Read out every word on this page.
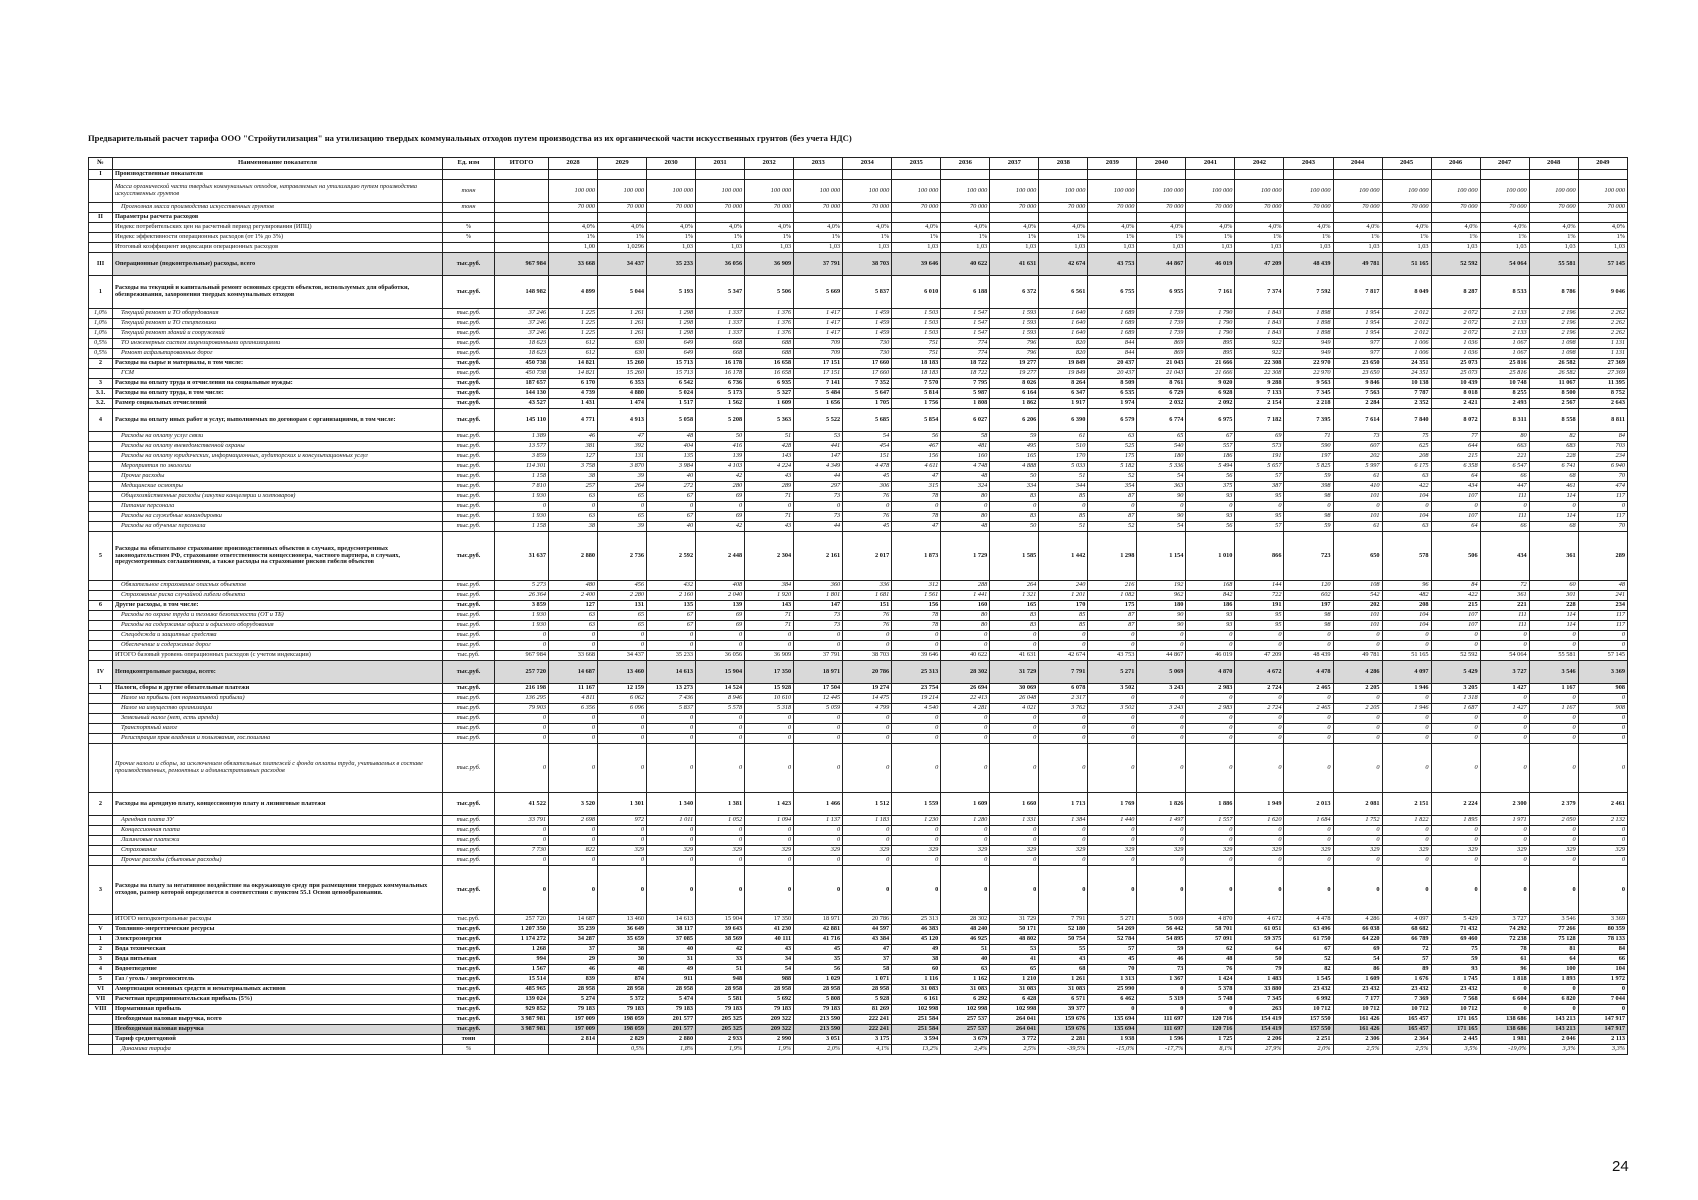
Предварительный расчет тарифа ООО "Стройутилизация" на утилизацию твердых коммунальных отходов путем производства из их органической части искусственных грунтов (без учета НДС)
№	Наименование показателя	Ед. изм	ИТОГО	2028	2029	2030	2031	2032	2033	2034	2035	2036	2037	2038	2039	2040	2041	2042	2043	2044	2045	2046	2047	2048	2049
I	Производственные показатели																								
	Масса органической части твердых коммунальных отходов, направляемых на утилизацию путем производства искусственных грунтов	тонн		100 000	100 000	100 000	100 000	100 000	100 000	100 000	100 000	100 000	100 000	100 000	100 000	100 000	100 000	100 000	100 000	100 000	100 000	100 000	100 000	100 000	100 000
	Прогнозная масса производства искусственных грунтов	тонн		70 000	70 000	70 000	70 000	70 000	70 000	70 000	70 000	70 000	70 000	70 000	70 000	70 000	70 000	70 000	70 000	70 000	70 000	70 000	70 000	70 000	70 000
II	Параметры расчета расходов																								
	Индекс потребительских цен на расчетный период регулирования (ИПЦ)	%		4,0%	4,0%	4,0%	4,0%	4,0%	4,0%	4,0%	4,0%	4,0%	4,0%	4,0%	4,0%	4,0%	4,0%	4,0%	4,0%	4,0%	4,0%	4,0%	4,0%	4,0%	4,0%
	Индекс эффективности операционных расходов (от 1% до 3%)	%		1%	1%	1%	1%	1%	1%	1%	1%	1%	1%	1%	1%	1%	1%	1%	1%	1%	1%	1%	1%	1%	1%
	Итоговый коэффициент индексации операционных расходов			1,00	1,0296	1,03	1,03	1,03	1,03	1,03	1,03	1,03	1,03	1,03	1,03	1,03	1,03	1,03	1,03	1,03	1,03	1,03	1,03	1,03	1,03
III	Операционные (подконтрольные) расходы, всего	тыс.руб.	967 984	33 668	34 437	35 233	36 056	36 909	37 791	38 703	39 646	40 622	41 631	42 674	43 753	44 867	46 019	47 209	48 439	49 781	51 165	52 592	54 064	55 581	57 145
1	Расходы на текущий и капитальный ремонт основных средств объектов, используемых для обработки, обезвреживания, захоронения твердых коммунальных отходов	тыс.руб.	148 982	4 899	5 044	5 193	5 347	5 506	5 669	5 837	6 010	6 188	6 372	6 561	6 755	6 955	7 161	7 374	7 592	7 817	8 049	8 287	8 533	8 786	9 046
1,0%	Текущий ремонт и ТО оборудования	тыс.руб.	37 246	1 225	1 261	1 298	1 337	1 376	1 417	1 459	1 503	1 547	1 593	1 640	1 689	1 739	1 790	1 843	1 898	1 954	2 012	2 072	2 133	2 196	2 262
1,0%	Текущий ремонт и ТО спецтехники	тыс.руб.	37 246	1 225	1 261	1 298	1 337	1 376	1 417	1 459	1 503	1 547	1 593	1 640	1 689	1 739	1 790	1 843	1 898	1 954	2 012	2 072	2 133	2 196	2 262
1,0%	Текущий ремонт зданий и сооружений	тыс.руб.	37 246	1 225	1 261	1 298	1 337	1 376	1 417	1 459	1 503	1 547	1 593	1 640	1 689	1 739	1 790	1 843	1 898	1 954	2 012	2 072	2 133	2 196	2 262
0,5%	ТО инженерных систем лицензированными организациями	тыс.руб.	18 623	612	630	649	668	688	709	730	751	774	796	820	844	869	895	922	949	977	1 006	1 036	1 067	1 098	1 131
0,5%	Ремонт асфальтированных дорог	тыс.руб.	18 623	612	630	649	668	688	709	730	751	774	796	820	844	869	895	922	949	977	1 006	1 036	1 067	1 098	1 131
2	Расходы на сырье и материалы, в том числе:	тыс.руб.	450 738	14 821	15 260	15 713	16 178	16 658	17 151	17 660	18 183	18 722	19 277	19 849	20 437	21 043	21 666	22 308	22 970	23 650	24 351	25 073	25 816	26 582	27 369
	ГСМ	тыс.руб.	450 738	14 821	15 260	15 713	16 178	16 658	17 151	17 660	18 183	18 722	19 277	19 849	20 437	21 043	21 666	22 308	22 970	23 650	24 351	25 073	25 816	26 582	27 369
3	Расходы на оплату труда и отчисления на социальные нужды:	тыс.руб.	187 657	6 170	6 353	6 542	6 736	6 935	7 141	7 352	7 570	7 795	8 026	8 264	8 509	8 761	9 020	9 288	9 563	9 846	10 138	10 439	10 748	11 067	11 395
3.1.	Расходы на оплату труда, в том числе:	тыс.руб.	144 130	4 739	4 880	5 024	5 173	5 327	5 484	5 647	5 814	5 987	6 164	6 347	6 535	6 729	6 928	7 133	7 345	7 563	7 787	8 018	8 255	8 500	8 752
3.2.	Размер социальных отчислений	тыс.руб.	43 527	1 431	1 474	1 517	1 562	1 609	1 656	1 705	1 756	1 808	1 862	1 917	1 974	2 032	2 092	2 154	2 218	2 284	2 352	2 421	2 493	2 567	2 643
4	Расходы на оплату иных работ и услуг, выполняемых по договорам с организациями, в том числе:	тыс.руб.	145 110	4 771	4 913	5 058	5 208	5 363	5 522	5 685	5 854	6 027	6 206	6 390	6 579	6 774	6 975	7 182	7 395	7 614	7 840	8 072	8 311	8 558	8 811
	Расходы на оплату услуг связи	тыс.руб.	1 389	46	47	48	50	51	53	54	56	58	59	61	63	65	67	69	71	73	75	77	80	82	84
	Расходы на оплату вневедомственной охраны	тыс.руб.	13 577	381	392	404	416	428	441	454	467	481	495	510	525	540	557	573	590	607	625	644	663	683	703
	Расходы на оплату юридических, информационных, аудиторских и консультационных услуг	тыс.руб.	3 859	127	131	135	139	143	147	151	156	160	165	170	175	180	186	191	197	202	208	215	221	228	234
	Мероприятия по экологии	тыс.руб.	114 301	3 758	3 870	3 984	4 103	4 224	4 349	4 478	4 611	4 748	4 888	5 033	5 182	5 336	5 494	5 657	5 825	5 997	6 175	6 358	6 547	6 741	6 940
	Прочие расходы	тыс.руб.	1 158	38	39	40	42	43	44	45	47	48	50	51	52	54	56	57	59	61	63	64	66	68	70
	Медицинские осмотры	тыс.руб.	7 810	257	264	272	280	289	297	306	315	324	334	344	354	363	375	387	398	410	422	434	447	461	474
	Общехозяйственные расходы (закупка канцелярии и хозтоваров)	тыс.руб.	1 930	63	65	67	69	71	73	76	78	80	83	85	87	90	93	95	98	101	104	107	111	114	117
	Питание персонала	тыс.руб.	0	0	0	0	0	0	0	0	0	0	0	0	0	0	0	0	0	0	0	0	0	0	0
	Расходы на служебные командировки	тыс.руб.	1 930	63	65	67	69	71	73	76	78	80	83	85	87	90	93	95	98	101	104	107	111	114	117
	Расходы на обучение персонала	тыс.руб.	1 158	38	39	40	42	43	44	45	47	48	50	51	52	54	56	57	59	61	63	64	66	68	70
5	Расходы на обязательное страхование производственных объектов в случаях, предусмотренных законодательством РФ, страхование ответственности концессионера, частного партнера, в случаях, предусмотренных соглашениями, а также расходы на страхование рисков гибели объектов	тыс.руб.	31 637	2 880	2 736	2 592	2 448	2 304	2 161	2 017	1 873	1 729	1 585	1 442	1 298	1 154	1 010	866	723	650	578	506	434	361	289
	Обязательное страхование опасных объектов	тыс.руб.	5 273	480	456	432	408	384	360	336	312	288	264	240	216	192	168	144	120	108	96	84	72	60	48
	Страхование риска случайной гибели объекта	тыс.руб.	26 364	2 400	2 280	2 160	2 040	1 920	1 801	1 681	1 561	1 441	1 321	1 201	1 082	962	842	722	602	542	482	422	361	301	241
6	Другие расходы, в том числе:	тыс.руб.	3 859	127	131	135	139	143	147	151	156	160	165	170	175	180	186	191	197	202	208	215	221	228	234
	Расходы по охране труда и технике безопасности (ОТ и ТБ)	тыс.руб.	1 930	63	65	67	69	71	73	76	78	80	83	85	87	90	93	95	98	101	104	107	111	114	117
	Расходы на содержание офиса и офисного оборудования	тыс.руб.	1 930	63	65	67	69	71	73	76	78	80	83	85	87	90	93	95	98	101	104	107	111	114	117
	Спецодежда и защитные средства	тыс.руб.	0	0	0	0	0	0	0	0	0	0	0	0	0	0	0	0	0	0	0	0	0	0	0
	Обеспечение и содержание дорог	тыс.руб.	0	0	0	0	0	0	0	0	0	0	0	0	0	0	0	0	0	0	0	0	0	0	0
	ИТОГО базовый уровень операционных расходов (с учетом индексации)	тыс.руб.	967 984	33 668	34 437	35 233	36 056	36 909	37 791	38 703	39 646	40 622	41 631	42 674	43 753	44 867	46 019	47 209	48 439	49 781	51 165	52 592	54 064	55 581	57 145
IV	Неподконтрольные расходы, всего:	тыс.руб.	257 720	14 687	13 460	14 613	15 904	17 350	18 971	20 786	25 313	28 302	31 729	7 791	5 271	5 069	4 870	4 672	4 478	4 286	4 097	5 429	3 727	3 546	3 369
1	Налоги, сборы и другие обязательные платежи	тыс.руб.	216 198	11 167	12 159	13 273	14 524	15 928	17 504	19 274	23 754	26 694	30 069	6 078	3 502	3 243	2 983	2 724	2 465	2 205	1 946	3 205	1 427	1 167	908
	Налог на прибыль (от нормативной прибыли)	тыс.руб.	136 295	4 811	6 062	7 436	8 946	10 610	12 445	14 475	19 214	22 413	26 048	2 317	0	0	0	0	0	0	0	1 318	0	0	0
	Налог на имущество организации	тыс.руб.	79 903	6 356	6 096	5 837	5 578	5 318	5 059	4 799	4 540	4 281	4 021	3 762	3 502	3 243	2 983	2 724	2 465	2 205	1 946	1 687	1 427	1 167	908
	Земельный налог (нет, есть аренда)	тыс.руб.	0	0	0	0	0	0	0	0	0	0	0	0	0	0	0	0	0	0	0	0	0	0	0
	Транспортный налог	тыс.руб.	0	0	0	0	0	0	0	0	0	0	0	0	0	0	0	0	0	0	0	0	0	0	0
	Регистрация прав владения и пользования, гос.пошлина	тыс.руб.	0	0	0	0	0	0	0	0	0	0	0	0	0	0	0	0	0	0	0	0	0	0	0
	Прочие налоги и сборы, за исключением обязательных платежей с фонда оплаты труда, учитываемых в составе производственных, ремонтных и административных расходов	тыс.руб.	0	0	0	0	0	0	0	0	0	0	0	0	0	0	0	0	0	0	0	0	0	0	0
2	Расходы на арендную плату, концессионную плату и лизинговые платежи	тыс.руб.	41 522	3 520	1 301	1 340	1 381	1 423	1 466	1 512	1 559	1 609	1 660	1 713	1 769	1 826	1 886	1 949	2 013	2 081	2 151	2 224	2 300	2 379	2 461
	Арендная плата ЗУ	тыс.руб.	33 791	2 698	972	1 011	1 052	1 094	1 137	1 183	1 230	1 280	1 331	1 384	1 440	1 497	1 557	1 620	1 684	1 752	1 822	1 895	1 971	2 050	2 132
	Концессионная плата	тыс.руб.	0	0	0	0	0	0	0	0	0	0	0	0	0	0	0	0	0	0	0	0	0	0	0
	Лизинговые платежи	тыс.руб.	0	0	0	0	0	0	0	0	0	0	0	0	0	0	0	0	0	0	0	0	0	0	0
	Страхование	тыс.руб.	7 730	822	329	329	329	329	329	329	329	329	329	329	329	329	329	329	329	329	329	329	329	329	329
	Прочие расходы (сбытовые расходы)	тыс.руб.	0	0	0	0	0	0	0	0	0	0	0	0	0	0	0	0	0	0	0	0	0	0	0
3	Расходы на плату за негативное воздействие на окружающую среду при размещении твердых коммунальных отходов, размер которой определяется в соответствии с пунктом 55.1 Основ ценообразования.	тыс.руб.	0	0	0	0	0	0	0	0	0	0	0	0	0	0	0	0	0	0	0	0	0	0	0
	ИТОГО неподконтрольные расходы	тыс.руб.	257 720	14 687	13 460	14 613	15 904	17 350	18 971	20 786	25 313	28 302	31 729	7 791	5 271	5 069	4 870	4 672	4 478	4 286	4 097	5 429	3 727	3 546	3 369
V	Топливно-энергетические ресурсы	тыс.руб.	1 207 350	35 239	36 649	38 117	39 643	41 230	42 881	44 597	46 383	48 240	50 171	52 180	54 269	56 442	58 701	61 051	63 496	66 038	68 682	71 432	74 292	77 266	80 359
1	Электроэнергия	тыс.руб.	1 174 272	34 287	35 659	37 085	38 569	40 111	41 716	43 384	45 120	46 925	48 802	50 754	52 784	54 895	57 091	59 375	61 750	64 220	66 789	69 460	72 238	75 128	78 133
2	Вода техническая	тыс.руб.	1 268	37	38	40	42	43	45	47	49	51	53	55	57	59	62	64	67	69	72	75	78	81	84
3	Вода питьевая	тыс.руб.	994	29	30	31	33	34	35	37	38	40	41	43	45	46	48	50	52	54	57	59	61	64	66
4	Водоотведение	тыс.руб.	1 567	46	48	49	51	54	56	58	60	63	65	68	70	73	76	79	82	86	89	93	96	100	104
5	Газ / уголь / энергоноситель	тыс.руб.	15 514	839	874	911	948	988	1 029	1 071	1 116	1 162	1 210	1 261	1 313	1 367	1 424	1 483	1 545	1 609	1 676	1 745	1 818	1 893	1 972
VI	Амортизация основных средств и нематериальных активов	тыс.руб.	485 965	28 958	28 958	28 958	28 958	28 958	28 958	28 958	31 083	31 083	31 083	31 083	25 990	0	5 378	33 880	23 432	23 432	23 432	23 432	0	0	0
VII	Расчетная предпринимательская прибыль (5%)	тыс.руб.	139 024	5 274	5 372	5 474	5 581	5 692	5 808	5 928	6 161	6 292	6 428	6 571	6 462	5 319	5 748	7 345	6 992	7 177	7 369	7 568	6 604	6 820	7 044
VIII	Нормативная прибыль	тыс.руб.	929 852	79 183	79 183	79 183	79 183	79 183	79 183	81 269	102 998	102 998	102 998	39 377	0	0	0	263	10 712	10 712	10 712	10 712	0	0	0
	Необходимая валовая выручка, всего	тыс.руб.	3 987 981	197 009	198 059	201 577	205 325	209 322	213 590	222 241	251 584	257 537	264 041	159 676	135 694	111 697	120 716	154 419	157 550	161 426	165 457	171 165	138 686	143 213	147 917
	Необходимая валовая выручка	тыс.руб.	3 987 981	197 009	198 059	201 577	205 325	209 322	213 590	222 241	251 584	257 537	264 041	159 676	135 694	111 697	120 716	154 419	157 550	161 426	165 457	171 165	138 686	143 213	147 917
	Тариф среднегодовой	тонн		2 814	2 829	2 880	2 933	2 990	3 051	3 175	3 594	3 679	3 772	2 281	1 938	1 596	1 725	2 206	2 251	2 306	2 364	2 445	1 981	2 046	2 113
	Динамика тарифа	%			0,5%	1,8%	1,9%	1,9%	2,0%	4,1%	13,2%	2,4%	2,5%	-39,5%	-15,0%	-17,7%	8,1%	27,9%	2,0%	2,5%	2,5%	3,5%	-19,0%	3,3%	3,3%
24
